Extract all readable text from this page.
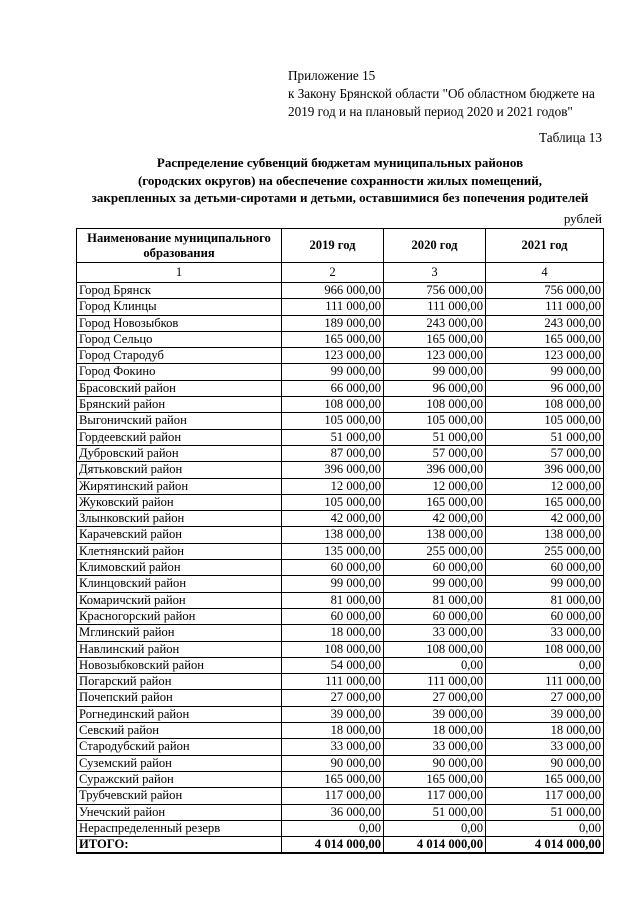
Приложение 15
к Закону Брянской области "Об областном бюджете на
2019 год и на плановый период 2020 и 2021 годов"
Таблица 13
Распределение субвенций бюджетам муниципальных районов
(городских округов) на обеспечение сохранности жилых помещений,
закрепленных за детьми-сиротами и детьми, оставшимися без попечения родителей
рублей
Наименование муниципального образования	2019 год	2020 год	2021 год
1	2	3	4
Город Брянск	966 000,00	756 000,00	756 000,00
Город Клинцы	111 000,00	111 000,00	111 000,00
Город Новозыбков	189 000,00	243 000,00	243 000,00
Город Сельцо	165 000,00	165 000,00	165 000,00
Город Стародуб	123 000,00	123 000,00	123 000,00
Город Фокино	99 000,00	99 000,00	99 000,00
Брасовский район	66 000,00	96 000,00	96 000,00
Брянский район	108 000,00	108 000,00	108 000,00
Выгоничский район	105 000,00	105 000,00	105 000,00
Гордеевский район	51 000,00	51 000,00	51 000,00
Дубровский район	87 000,00	57 000,00	57 000,00
Дятьковский район	396 000,00	396 000,00	396 000,00
Жирятинский район	12 000,00	12 000,00	12 000,00
Жуковский район	105 000,00	165 000,00	165 000,00
Злынковский район	42 000,00	42 000,00	42 000,00
Карачевский район	138 000,00	138 000,00	138 000,00
Клетнянский район	135 000,00	255 000,00	255 000,00
Климовский район	60 000,00	60 000,00	60 000,00
Клинцовский район	99 000,00	99 000,00	99 000,00
Комаричский район	81 000,00	81 000,00	81 000,00
Красногорский район	60 000,00	60 000,00	60 000,00
Мглинский район	18 000,00	33 000,00	33 000,00
Навлинский район	108 000,00	108 000,00	108 000,00
Новозыбковский район	54 000,00	0,00	0,00
Погарский район	111 000,00	111 000,00	111 000,00
Почепский район	27 000,00	27 000,00	27 000,00
Рогнединский район	39 000,00	39 000,00	39 000,00
Севский район	18 000,00	18 000,00	18 000,00
Стародубский район	33 000,00	33 000,00	33 000,00
Суземский район	90 000,00	90 000,00	90 000,00
Суражский район	165 000,00	165 000,00	165 000,00
Трубчевский район	117 000,00	117 000,00	117 000,00
Унечский район	36 000,00	51 000,00	51 000,00
Нераспределенный резерв	0,00	0,00	0,00
ИТОГО:	4 014 000,00	4 014 000,00	4 014 000,00
